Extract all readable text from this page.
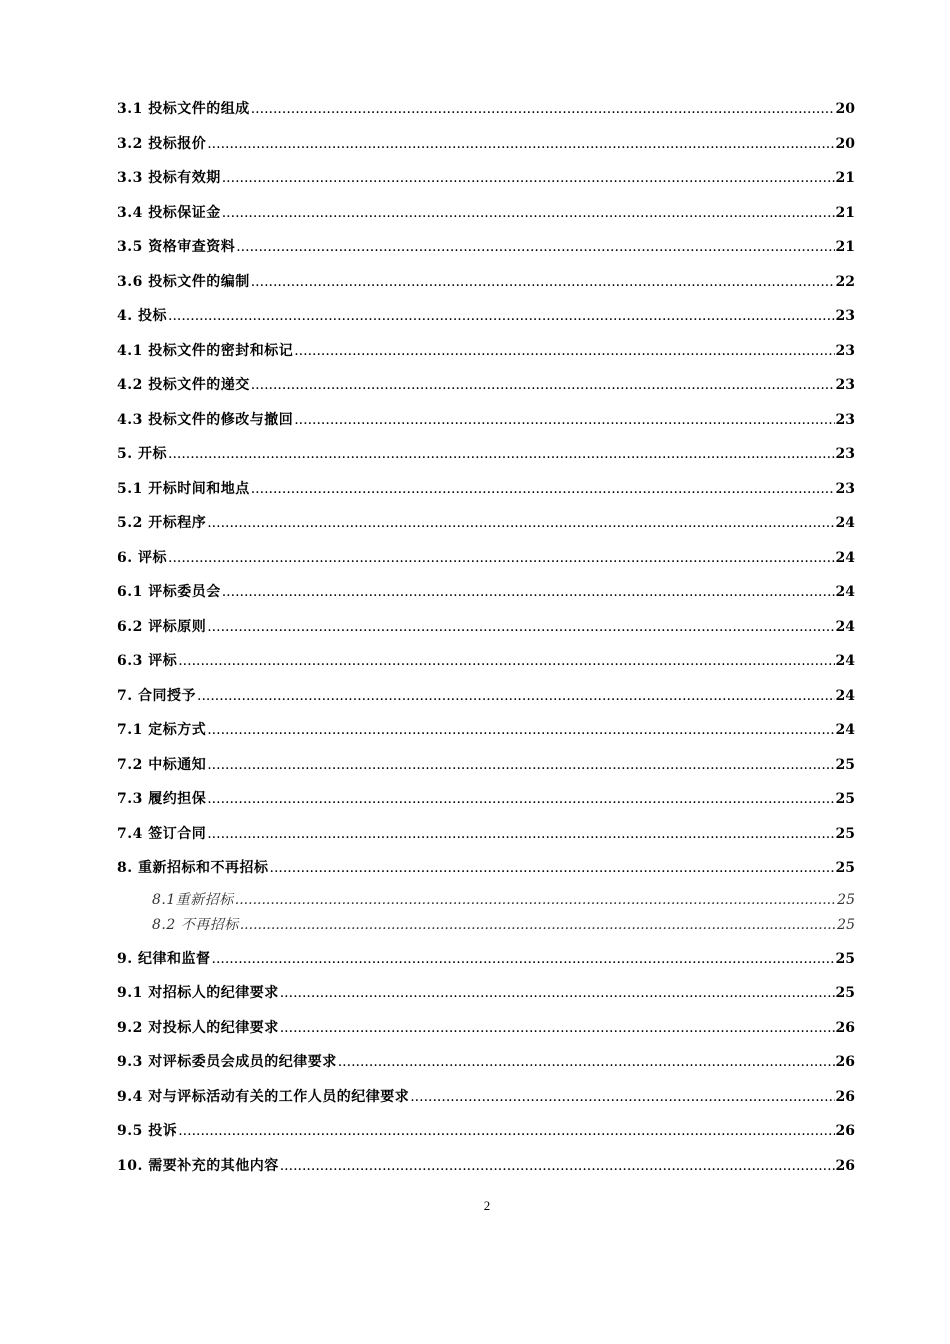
3.1 投标文件的组成 .....	20
3.2 投标报价 .....	20
3.3 投标有效期 .....	21
3.4 投标保证金 .....	21
3.5 资格审查资料 .....	21
3.6 投标文件的编制 .....	22
4. 投标 .....	23
4.1 投标文件的密封和标记 .....	23
4.2 投标文件的递交 .....	23
4.3 投标文件的修改与撤回 .....	23
5. 开标 .....	23
5.1 开标时间和地点 .....	23
5.2 开标程序 .....	24
6. 评标 .....	24
6.1 评标委员会 .....	24
6.2 评标原则 .....	24
6.3 评标 .....	24
7. 合同授予 .....	24
7.1 定标方式 .....	24
7.2 中标通知 .....	25
7.3 履约担保 .....	25
7.4 签订合同 .....	25
8. 重新招标和不再招标 .....	25
8.1重新招标 .....	25
8.2 不再招标 .....	25
9. 纪律和监督 .....	25
9.1 对招标人的纪律要求 .....	25
9.2 对投标人的纪律要求 .....	26
9.3 对评标委员会成员的纪律要求 .....	26
9.4 对与评标活动有关的工作人员的纪律要求 .....	26
9.5 投诉 .....	26
10. 需要补充的其他内容 .....	26
2
